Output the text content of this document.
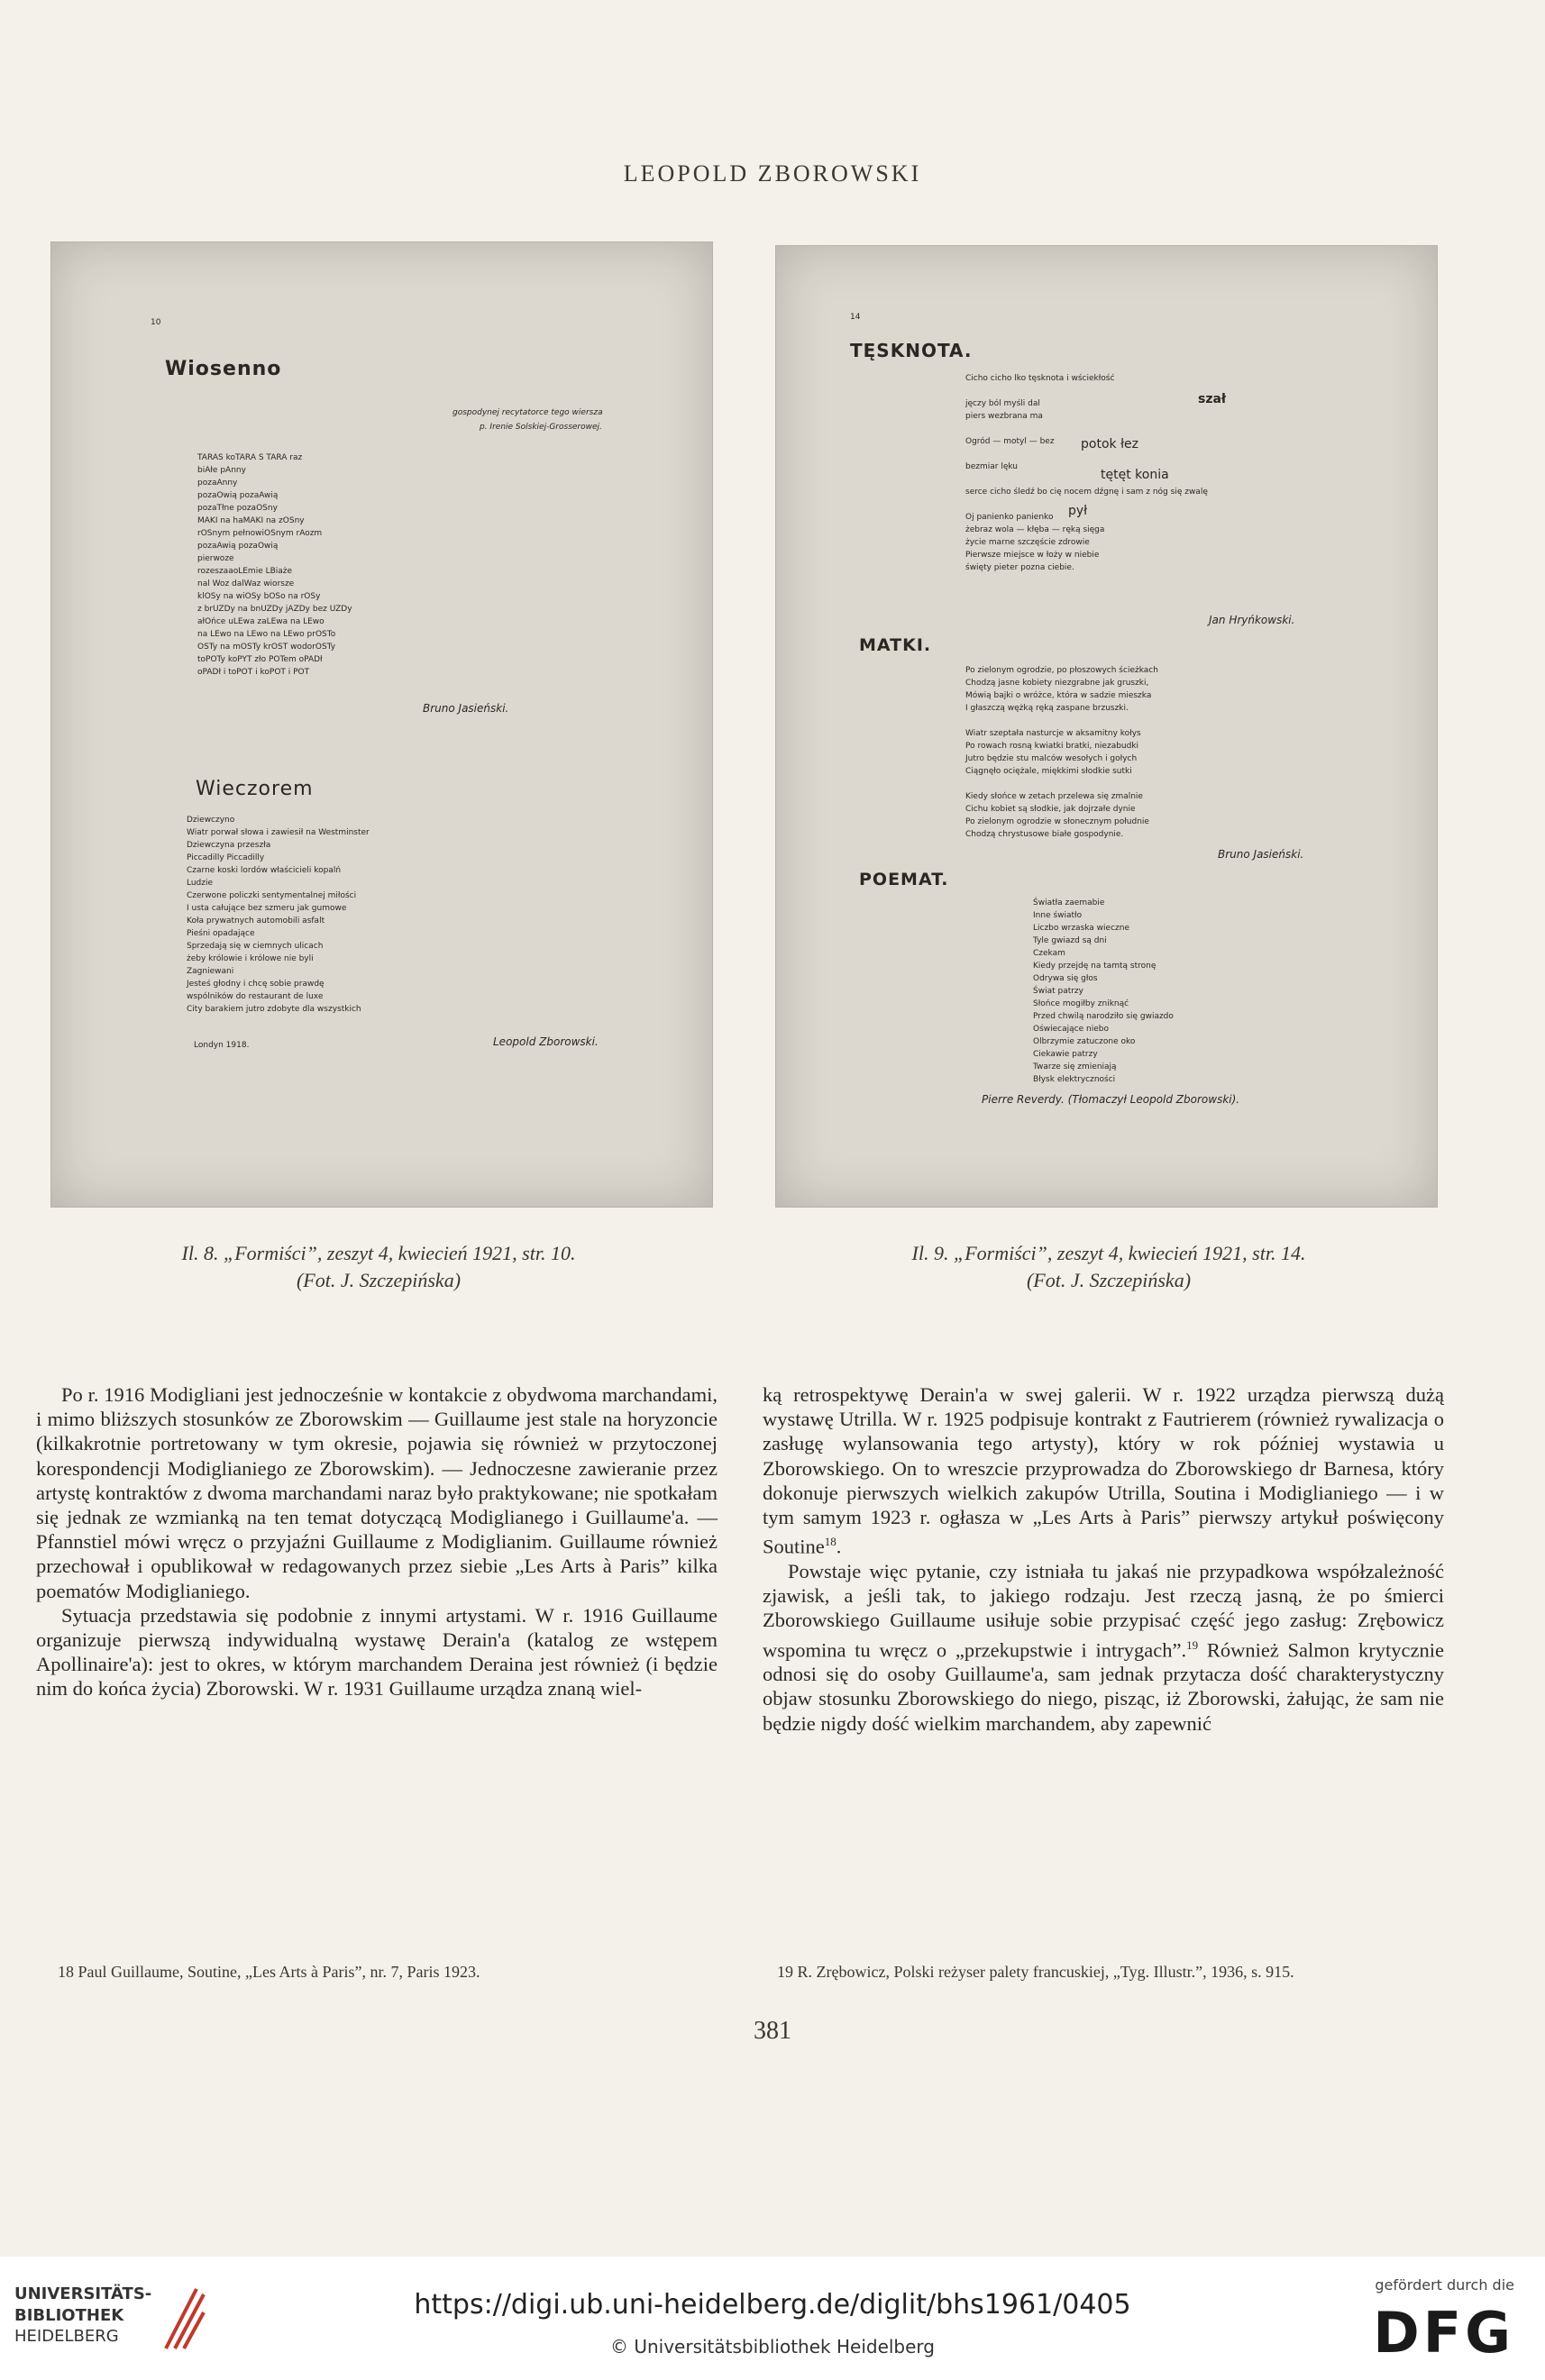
LEOPOLD ZBOROWSKI
10
Wiosenno
gospodynej recytatorce tego wiersza
p. Irenie Solskiej-Grosserowej.
TARAS koTARA S TARA raz
biAłe pAnny
pozaAnny
pozaOwią pozaAwią
pozaTłne pozaOSny
MAKI na haMAKI na zOSny
rOSnym pełnowiOSnym rAozm
pozaAwią pozaOwią
pierwoze
rozeszaaoLEmie LBiaże
nal Woz dalWaz wiorsze
klOSy na wiOSy bOSo na rOSy
z brUZDy na bnUZDy jAZDy bez UZDy
ałOńce uLEwa zaLEwa na LEwo
na LEwo na LEwo na LEwo prOSTo
OSTy na mOSTy krOST wodorOSTy
toPOTy koPYT zło POTem oPADł
oPADł i toPOT i koPOT i POT
Bruno Jasieński.
Wieczorem
Dziewczyno
Wiatr porwał słowa i zawiesił na Westminster
Dziewczyna przeszła
Piccadilly Piccadilly
Czarne koski lordów właścicieli kopalń
Ludzie
Czerwone policzki sentymentalnej miłości
I usta całujące bez szmeru jak gumowe
Koła prywatnych automobili asfalt
Pieśni opadające
Sprzedają się w ciemnych ulicach
żeby królowie i królowe nie byli
Zagniewani
Jesteś głodny i chcę sobie prawdę
wspólników do restaurant de luxe
City barakiem jutro zdobyte dla wszystkich
Londyn 1918.	Leopold Zborowski.
14
TĘSKNOTA.
Cicho cicho lko tęsknota i wściekłość

jęczy ból myśli dal
piers wezbrana ma

Ogród — motyl — bez

bezmiar lęku

serce cicho śledź bo cię nocem dźgnę i sam z nóg się zwalę

Oj panienko panienko
żebraz wola — kłęba — ręką sięga
życie marne szczęście zdrowie
Pierwsze miejsce w łoży w niebie
święty pieter pozna ciebie.
szał
potok łez
tętęt konia
pył
Jan Hryńkowski.
MATKI.
Po zielonym ogrodzie, po płoszowych ścieżkach
Chodzą jasne kobiety niezgrabne jak gruszki,
Mówią bajki o wróżce, która w sadzie mieszka
I głaszczą wężką ręką zaspane brzuszki.

Wiatr szeptała nasturcje w aksamitny kołys
Po rowach rosną kwiatki bratki, niezabudki
Jutro będzie stu malców wesołych i gołych
Ciągnęło ociężale, miękkimi słodkie sutki

Kiedy słońce w zetach przelewa się zmalnie
Cichu kobiet są słodkie, jak dojrzałe dynie
Po zielonym ogrodzie w słonecznym południe
Chodzą chrystusowe białe gospodynie.
Bruno Jasieński.
POEMAT.
Światła zaemabie
Inne światło
Liczbo wrzaska wieczne
Tyle gwiazd są dni
Czekam
Kiedy przejdę na tamtą stronę
Odrywa się głos
Świat patrzy
Słońce mogiłby zniknąć
Przed chwilą narodziło się gwiazdo
Oświecające niebo
Olbrzymie zatuczone oko
Ciekawie patrzy
Twarze się zmieniają
Błysk elektryczności
Pierre Reverdy. (Tłomaczył Leopold Zborowski).
Il. 8. „Formiści”, zeszyt 4, kwiecień 1921, str. 10.
(Fot. J. Szczepińska)
Il. 9. „Formiści”, zeszyt 4, kwiecień 1921, str. 14.
(Fot. J. Szczepińska)

Po r. 1916 Modigliani jest jednocześnie w kontakcie z obydwoma marchandami, i mimo bliższych stosunków ze Zborowskim — Guillaume jest stale na horyzoncie (kilkakrotnie portretowany w tym okresie, pojawia się również w przytoczonej korespondencji Modiglianiego ze Zborowskim). — Jednoczesne zawieranie przez artystę kontraktów z dwoma marchandami naraz było praktykowane; nie spotkałam się jednak ze wzmianką na ten temat dotyczącą Modiglianego i Guillaume'a. — Pfannstiel mówi wręcz o przyjaźni Guillaume z Modiglianim. Guillaume również przechował i opublikował w redagowanych przez siebie „Les Arts à Paris” kilka poematów Modiglianiego.

Sytuacja przedstawia się podobnie z innymi artystami. W r. 1916 Guillaume organizuje pierwszą indywidualną wystawę Derain'a (katalog ze wstępem Apollinaire'a): jest to okres, w którym marchandem Deraina jest również (i będzie nim do końca życia) Zborowski. W r. 1931 Guillaume urządza znaną wiel-

ką retrospektywę Derain'a w swej galerii. W r. 1922 urządza pierwszą dużą wystawę Utrilla. W r. 1925 podpisuje kontrakt z Fautrierem (również rywalizacja o zasługę wylansowania tego artysty), który w rok później wystawia u Zborowskiego. On to wreszcie przyprowadza do Zborowskiego dr Barnesa, który dokonuje pierwszych wielkich zakupów Utrilla, Soutina i Modiglianiego — i w tym samym 1923 r. ogłasza w „Les Arts à Paris” pierwszy artykuł poświęcony Soutine$^{18}$.

Powstaje więc pytanie, czy istniała tu jakaś nie przypadkowa współzależność zjawisk, a jeśli tak, to jakiego rodzaju. Jest rzeczą jasną, że po śmierci Zborowskiego Guillaume usiłuje sobie przypisać część jego zasług: Zrębowicz wspomina tu wręcz o „przekupstwie i intrygach”.$^{19}$ Również Salmon krytycznie odnosi się do osoby Guillaume'a, sam jednak przytacza dość charakterystyczny objaw stosunku Zborowskiego do niego, pisząc, iż Zborowski, żałując, że sam nie będzie nigdy dość wielkim marchandem, aby zapewnić

18 Paul Guillaume, Soutine, „Les Arts à Paris”, nr. 7, Paris 1923.	19 R. Zrębowicz, Polski reżyser palety francuskiej, „Tyg. Illustr.”, 1936, s. 915.
381
UNIVERSITÄTS-
BIBLIOTHEK
HEIDELBERG
https://digi.ub.uni-heidelberg.de/diglit/bhs1961/0405
© Universitätsbibliothek Heidelberg
gefördert durch die
DFG
